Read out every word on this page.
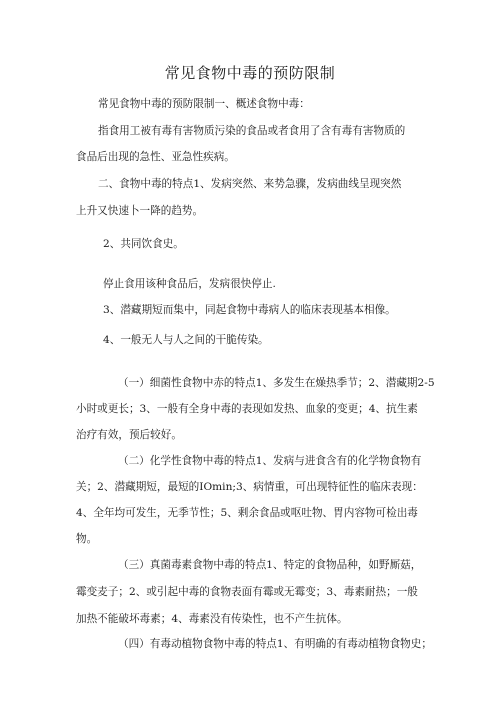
常见食物中毒的预防限制
常见食物中毒的预防限制一、概述食物中毒：
指食用工被有毒有害物质污染的食品或者食用了含有毒有害物质的
食品后出现的急性、亚急性疾病。
二、食物中毒的特点1、发病突然、来势急骤，发病曲线呈现突然
上升又快速卜一降的趋势。
2、共同饮食史。
停止食用该种食品后，发病很快停止.
3、潜藏期短而集中，同起食物中毒病人的临床表现基本相像。
4、一般无人与人之间的干脆传染。
（一）细菌性食物中赤的特点1、多发生在燥热季节；2、潜藏期2-5
小时或更长；3、一般有全身中毒的表现如发热、血象的变更；4、抗生素
治疗有效，预后较好。
（二）化学性食物中毒的特点1、发病与进食含有的化学物食物有
关；2、潜藏期短，最短的IOmin;3、病情重，可出现特征性的临床表现：
4、全年均可发生，无季节性；5、剩余食品或呕吐物、胃内容物可检出毒
物。
（三）真菌毒素食物中毒的特点1、特定的食物品种，如野厮菇，
霉变麦子；2、或引起中毒的食物表面有霉或无霉变；3、毒素耐热；一般
加热不能破坏毒素；4、毒素没有传染性，也不产生抗体。
（四）有毒动植物食物中毒的特点1、有明确的有毒动植物食物史；
